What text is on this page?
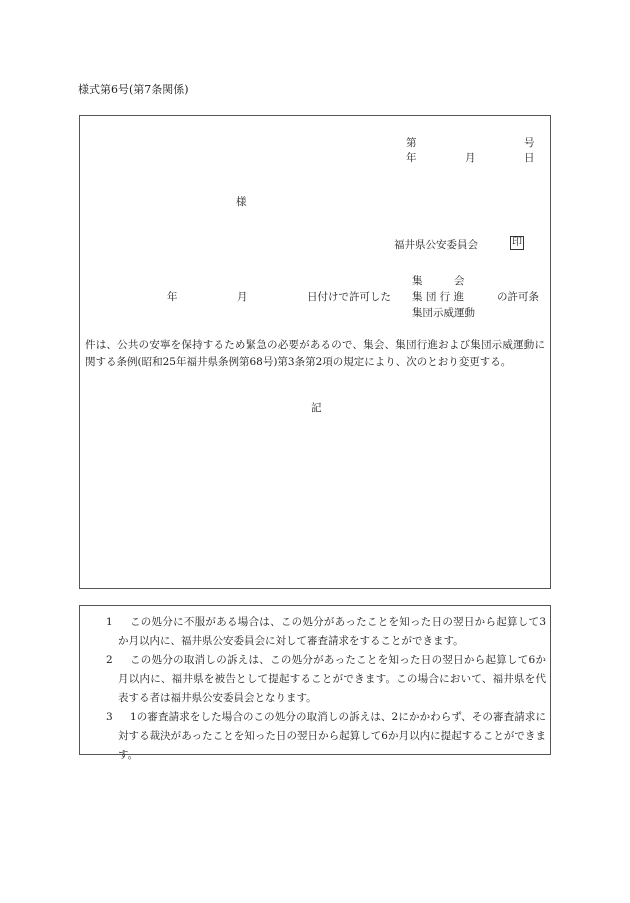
様式第6号(第7条関係)
第	号
年	月	日
様
福井県公安委員会	印
年	月	日付けで許可した
集　　　会
集 団 行 進
集団示威運動
の許可条
件は、公共の安寧を保持するため緊急の必要があるので、集会、集団行進および集団示威運動に関する条例(昭和25年福井県条例第68号)第3条第2項の規定により、次のとおり変更する。
記
1	この処分に不服がある場合は、この処分があったことを知った日の翌日から起算して3か月以内に、福井県公安委員会に対して審査請求をすることができます。
2	この処分の取消しの訴えは、この処分があったことを知った日の翌日から起算して6か月以内に、福井県を被告として提起することができます。この場合において、福井県を代表する者は福井県公安委員会となります。
3	1の審査請求をした場合のこの処分の取消しの訴えは、2にかかわらず、その審査請求に対する裁決があったことを知った日の翌日から起算して6か月以内に提起することができます。
